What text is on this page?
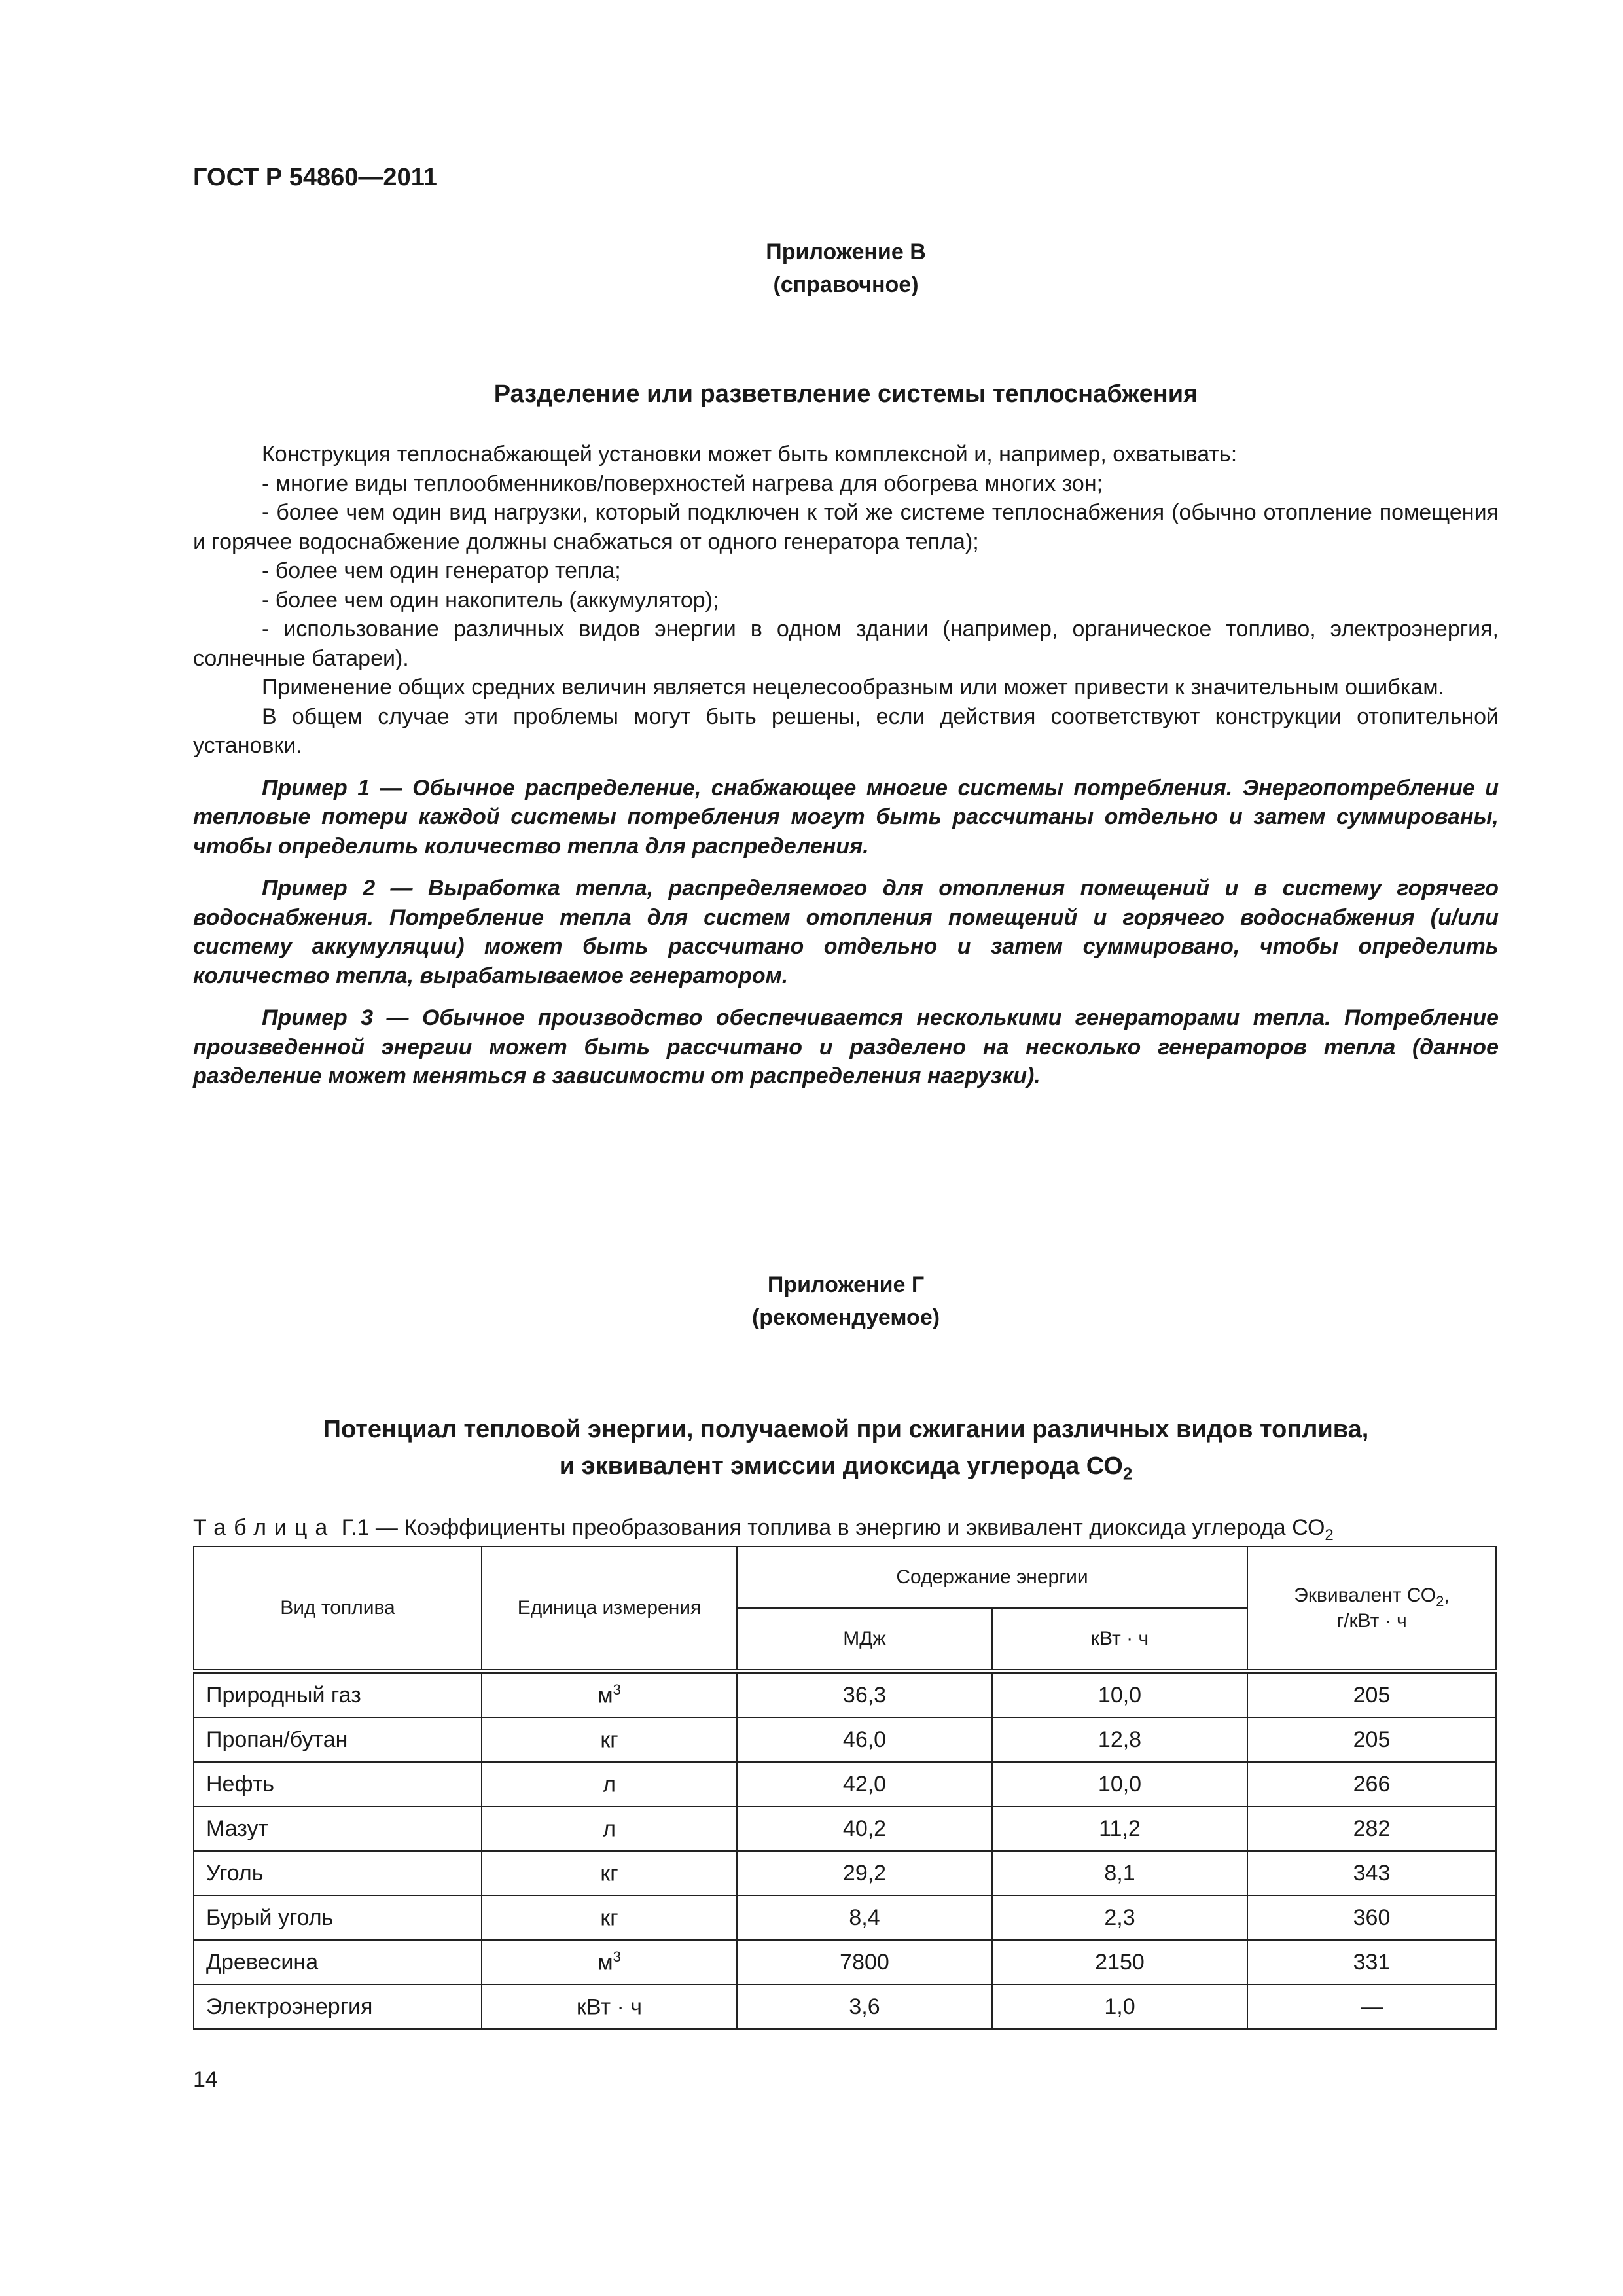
ГОСТ Р 54860—2011
Приложение В
(справочное)
Разделение или разветвление системы теплоснабжения

Конструкция теплоснабжающей установки может быть комплексной и, например, охватывать:

- многие виды теплообменников/поверхностей нагрева для обогрева многих зон;

- более чем один вид нагрузки, который подключен к той же системе теплоснабжения (обычно отопление помещения и горячее водоснабжение должны снабжаться от одного генератора тепла);

- более чем один генератор тепла;

- более чем один накопитель (аккумулятор);

- использование различных видов энергии в одном здании (например, органическое топливо, электроэнергия, солнечные батареи).

Применение общих средних величин является нецелесообразным или может привести к значительным ошибкам.

В общем случае эти проблемы могут быть решены, если действия соответствуют конструкции отопительной установки.

Пример 1 — Обычное распределение, снабжающее многие системы потребления. Энергопотребление и тепловые потери каждой системы потребления могут быть рассчитаны отдельно и затем суммированы, чтобы определить количество тепла для распределения.

Пример 2 — Выработка тепла, распределяемого для отопления помещений и в систему горячего водоснабжения. Потребление тепла для систем отопления помещений и горячего водоснабжения (и/или систему аккумуляции) может быть рассчитано отдельно и затем суммировано, чтобы определить количество тепла, вырабатываемое генератором.

Пример 3 — Обычное производство обеспечивается несколькими генераторами тепла. Потребление произведенной энергии может быть рассчитано и разделено на несколько генераторов тепла (данное разделение может меняться в зависимости от распределения нагрузки).

Приложение Г
(рекомендуемое)
Потенциал тепловой энергии, получаемой при сжигании различных видов топлива,
и эквивалент эмиссии диоксида углерода $СО_2$
Таблица Г.1 — Коэффициенты преобразования топлива в энергию и эквивалент диоксида углерода $СО_2$
Вид топлива	Единица измерения	Содержание энергии		Эквивалент $СО_2$,
г/кВт · ч
		МДж	кВт · ч	
Природный газ	$м^3$	36,3	10,0	205
Пропан/бутан	кг	46,0	12,8	205
Нефть	л	42,0	10,0	266
Мазут	л	40,2	11,2	282
Уголь	кг	29,2	8,1	343
Бурый уголь	кг	8,4	2,3	360
Древесина	$м^3$	7800	2150	331
Электроэнергия	кВт · ч	3,6	1,0	—
14
